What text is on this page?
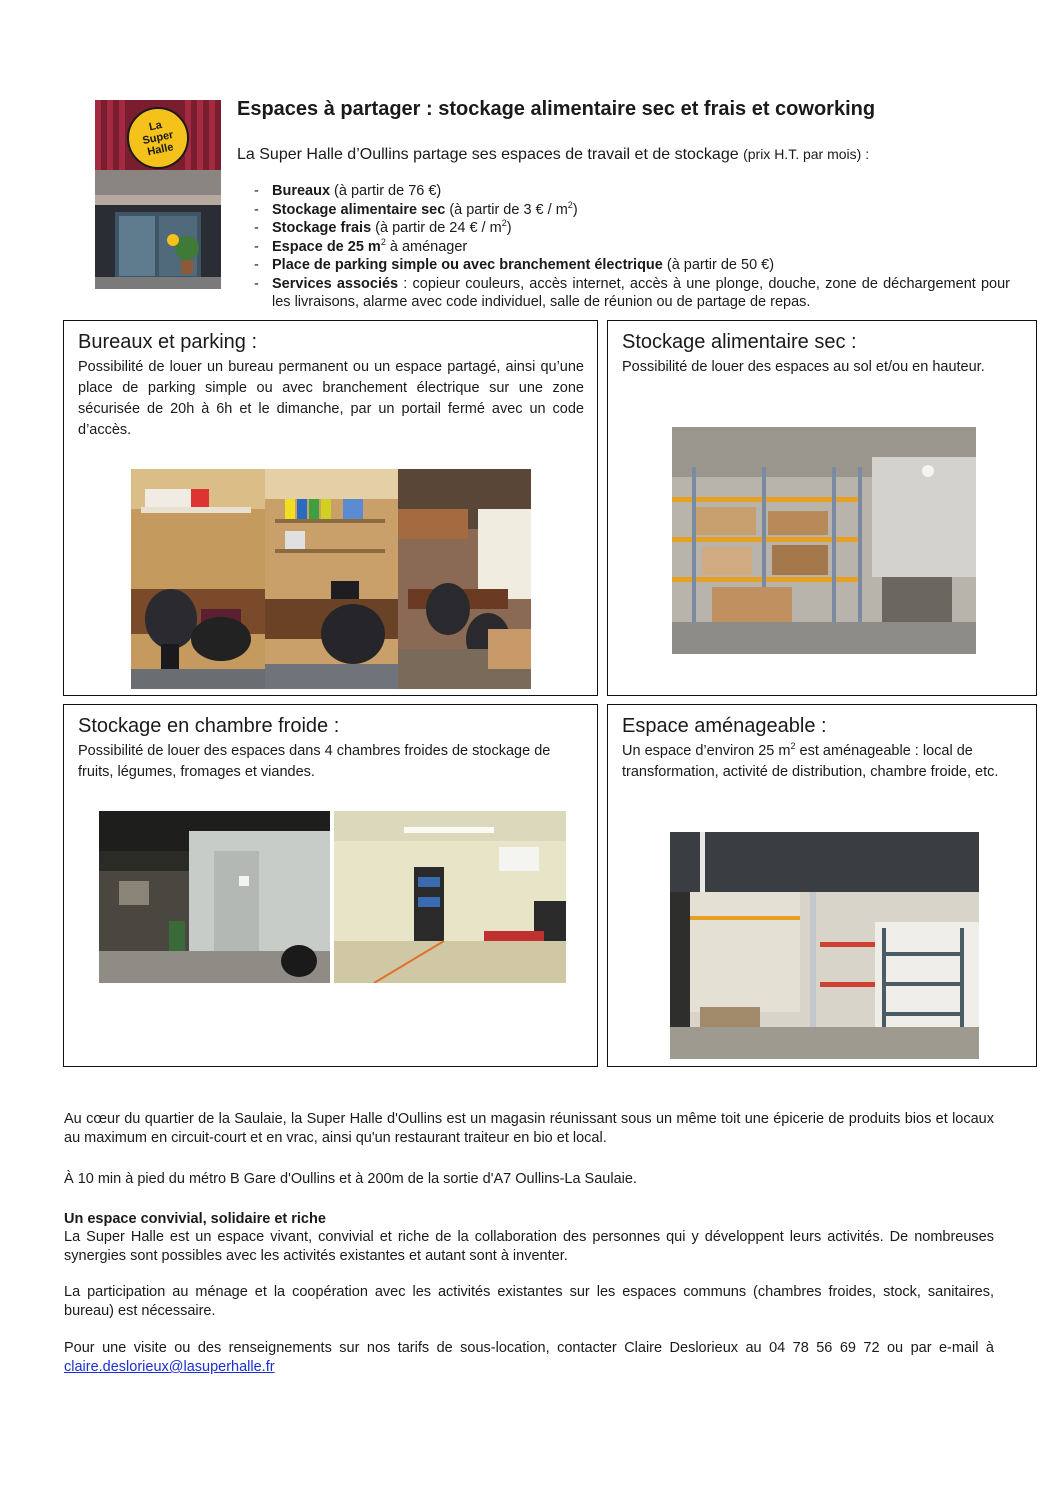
La Super Halle
Espaces à partager : stockage alimentaire sec et frais et coworking
La Super Halle d’Oullins partage ses espaces de travail et de stockage (prix H.T. par mois) :
- Bureaux (à partir de 76 €)
- Stockage alimentaire sec (à partir de 3 € / $m^2$)
- Stockage frais (à partir de 24 € / $m^2$)
- Espace de 25 $m^2$ à aménager
- Place de parking simple ou avec branchement électrique (à partir de 50 €)
- Services associés : copieur couleurs, accès internet, accès à une plonge, douche, zone de déchargement pour les livraisons, alarme avec code individuel, salle de réunion ou de partage de repas.
Bureaux et parking :

Possibilité de louer un bureau permanent ou un espace partagé, ainsi qu’une place de parking simple ou avec branchement électrique sur une zone sécurisée de 20h à 6h et le dimanche, par un portail fermé avec un code d’accès.

Stockage alimentaire sec :

Possibilité de louer des espaces au sol et/ou en hauteur.

Stockage en chambre froide :

Possibilité de louer des espaces dans 4 chambres froides de stockage de fruits, légumes, fromages et viandes.

Espace aménageable :

Un espace d’environ 25 $m^2$ est aménageable : local de transformation, activité de distribution, chambre froide, etc.

Au cœur du quartier de la Saulaie, la Super Halle d'Oullins est un magasin réunissant sous un même toit une épicerie de produits bios et locaux au maximum en circuit-court et en vrac, ainsi qu'un restaurant traiteur en bio et local.

À 10 min à pied du métro B Gare d'Oullins et à 200m de la sortie d'A7 Oullins-La Saulaie.

Un espace convivial, solidaire et riche

La Super Halle est un espace vivant, convivial et riche de la collaboration des personnes qui y développent leurs activités. De nombreuses synergies sont possibles avec les activités existantes et autant sont à inventer.

La participation au ménage et la coopération avec les activités existantes sur les espaces communs (chambres froides, stock, sanitaires, bureau) est nécessaire.

Pour une visite ou des renseignements sur nos tarifs de sous-location, contacter Claire Deslorieux au 04 78 56 69 72 ou par e-mail à claire.deslorieux@lasuperhalle.fr
